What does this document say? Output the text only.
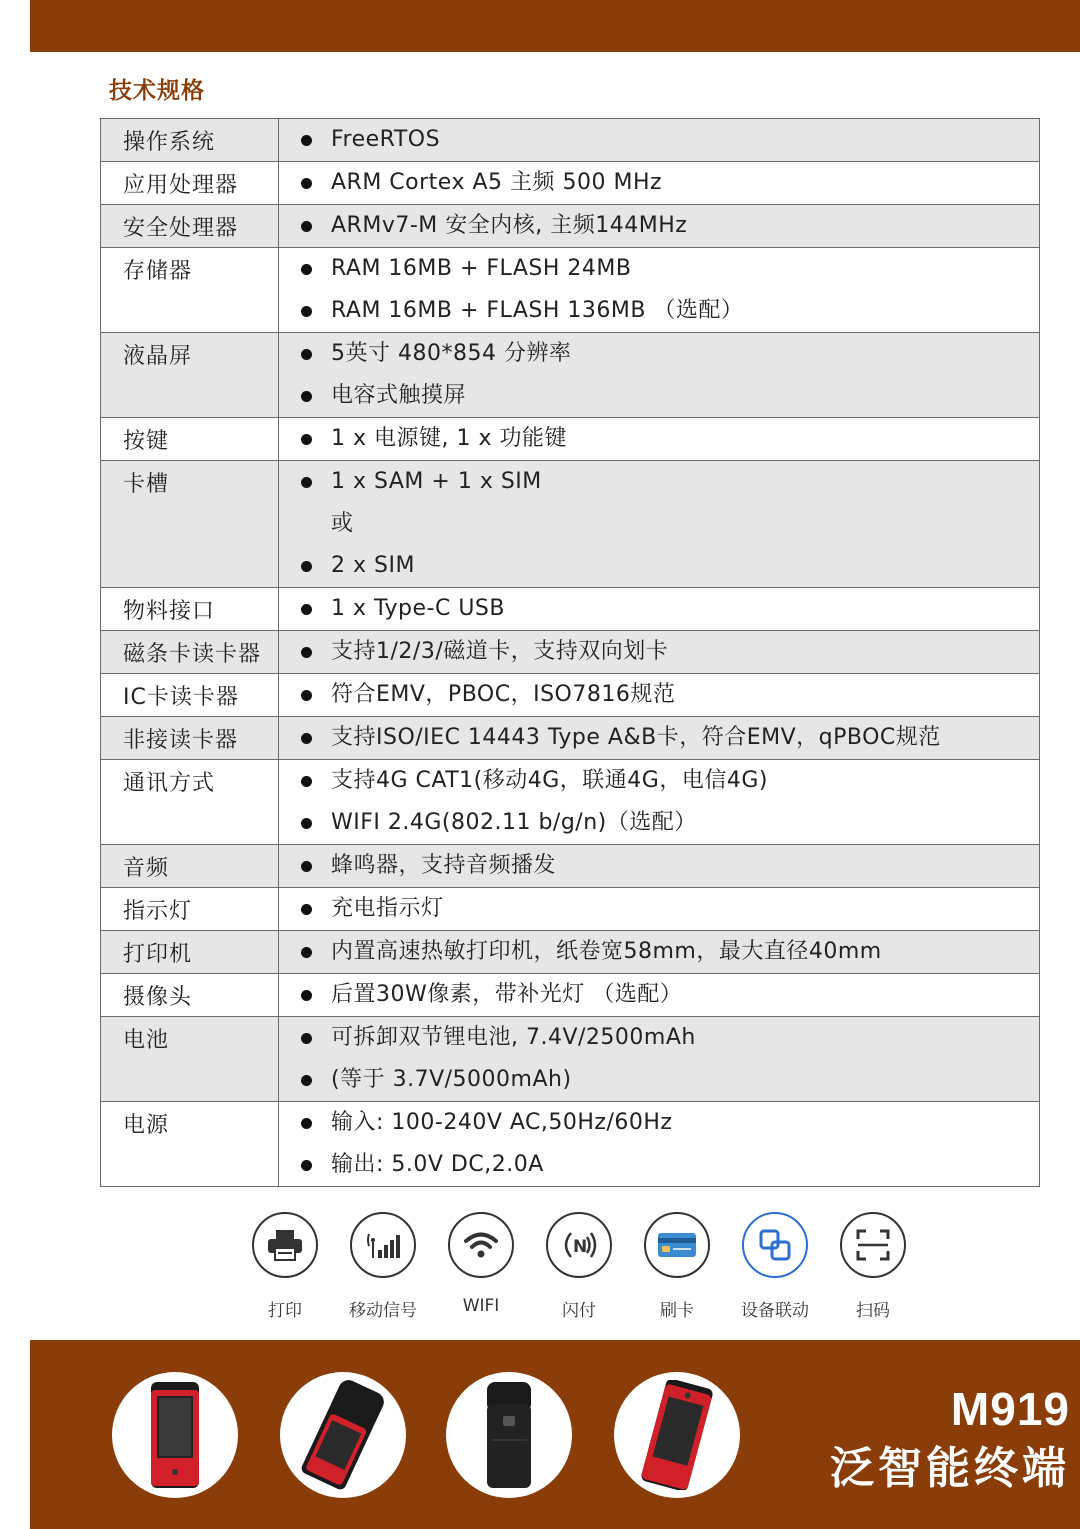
技术规格
操作系统	FreeRTOS

应用处理器	ARM Cortex A5 主频 500 MHz

安全处理器	ARMv7-M 安全内核, 主频144MHz

存储器	RAM 16MB + FLASH 24MB
RAM 16MB + FLASH 136MB （选配）

液晶屏	5英寸 480*854 分辨率
电容式触摸屏

按键	1 x 电源键, 1 x 功能键

卡槽	1 x SAM + 1 x SIM
或
2 x SIM

物料接口	1 x Type-C USB

磁条卡读卡器	支持1/2/3/磁道卡，支持双向划卡

IC卡读卡器	符合EMV，PBOC，ISO7816规范

非接读卡器	支持ISO/IEC 14443 Type A&B卡，符合EMV，qPBOC规范

通讯方式	支持4G CAT1(移动4G，联通4G，电信4G)
WIFI 2.4G(802.11 b/g/n)（选配）

音频	蜂鸣器，支持音频播发

指示灯	充电指示灯

打印机	内置高速热敏打印机，纸卷宽58mm，最大直径40mm

摄像头	后置30W像素，带补光灯 （选配）

电池	可拆卸双节锂电池, 7.4V/2500mAh
(等于 3.7V/5000mAh)

电源	输入: 100-240V AC,50Hz/60Hz
输出: 5.0V DC,2.0A
打印	移动信号	WIFI
N
闪付	刷卡	设备联动	扫码
M919
泛智能终端
